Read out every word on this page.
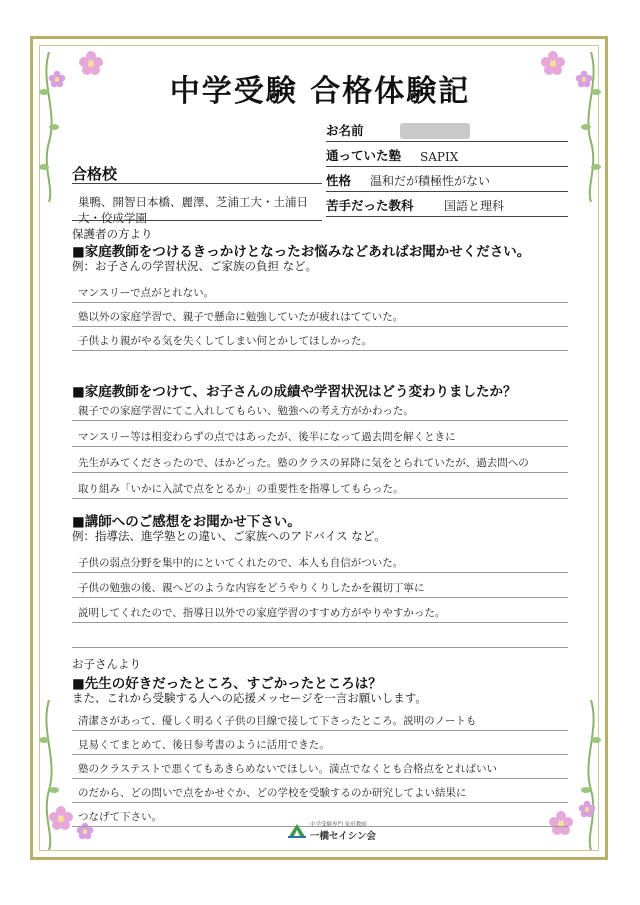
中学受験 合格体験記
お名前
通っていた塾 SAPIX
性格 温和だが積極性がない
苦手だった教科	国語と理科
合格校
巣鴨、開智日本橋、麗澤、芝浦工大・土浦日大・佼成学園
保護者の方より
■家庭教師をつけるきっかけとなったお悩みなどあればお聞かせください。
例：お子さんの学習状況、ご家族の負担 など。
マンスリーで点がとれない。
塾以外の家庭学習で、親子で懸命に勉強していたが疲れはてていた。
子供より親がやる気を失くしてしまい何とかしてほしかった。
■家庭教師をつけて、お子さんの成績や学習状況はどう変わりましたか？
親子での家庭学習にてこ入れしてもらい、勉強への考え方がかわった。
マンスリー等は相変わらずの点ではあったが、後半になって過去問を解くときに
先生がみてくださったので、ほかどった。塾のクラスの昇降に気をとられていたが、過去問への
取り組み「いかに入試で点をとるか」の重要性を指導してもらった。
■講師へのご感想をお聞かせ下さい。
例：指導法、進学塾との違い、ご家族へのアドバイス など。
子供の弱点分野を集中的にといてくれたので、本人も自信がついた。
子供の勉強の後、親へどのような内容をどうやりくりしたかを親切丁寧に
説明してくれたので、指導日以外での家庭学習のすすめ方がやりやすかった。
お子さんより
■先生の好きだったところ、すごかったところは？
また、これから受験する人への応援メッセージを一言お願いします。
清潔さがあって、優しく明るく子供の目線で接して下さったところ。説明のノートも
見易くてまとめて、後日参考書のように活用できた。
塾のクラステストで悪くてもあきらめないでほしい。満点でなくとも合格点をとればいい
のだから、どの問いで点をかせぐか、どの学校を受験するのか研究してよい結果に
つなげて下さい。
中学受験専門 家庭教師
一橋セイシン会
